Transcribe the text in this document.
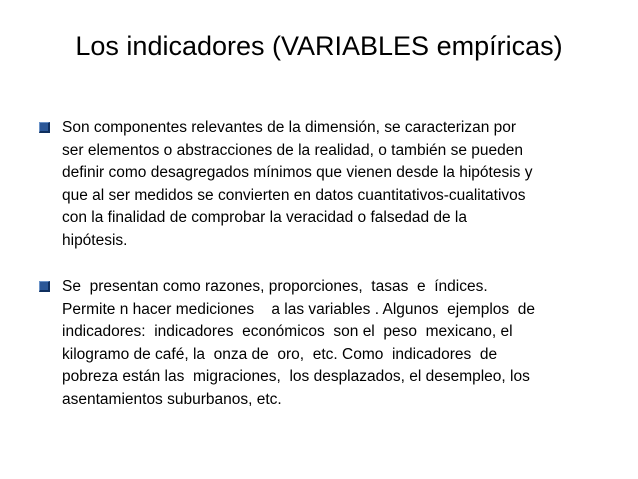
Los indicadores (VARIABLES empíricas)
Son componentes relevantes de la dimensión, se caracterizan por
ser elementos o abstracciones de la realidad, o también se pueden
definir como desagregados mínimos que vienen desde la hipótesis y
que al ser medidos se convierten en datos cuantitativos-cualitativos
con la finalidad de comprobar la veracidad o falsedad de la
hipótesis.
Se  presentan como razones, proporciones,  tasas  e  índices.
Permite n hacer mediciones    a las variables . Algunos  ejemplos  de
indicadores:  indicadores  económicos  son el  peso  mexicano, el
kilogramo de café, la  onza de  oro,  etc. Como  indicadores  de
pobreza están las  migraciones,  los desplazados, el desempleo, los
asentamientos suburbanos, etc.
